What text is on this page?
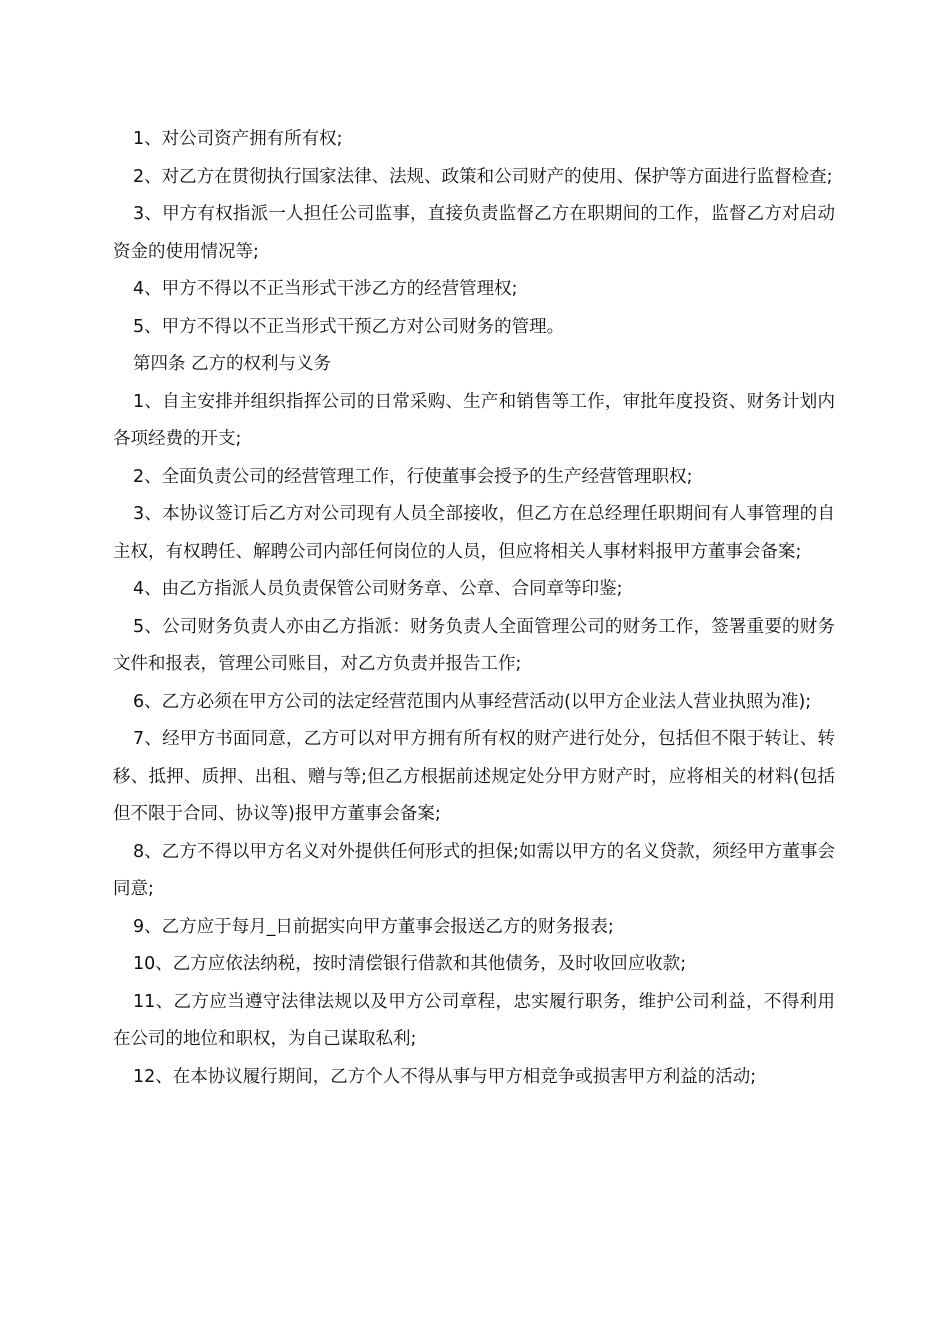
1、对公司资产拥有所有权;

2、对乙方在贯彻执行国家法律、法规、政策和公司财产的使用、保护等方面进行监督检查;

3、甲方有权指派一人担任公司监事，直接负责监督乙方在职期间的工作，监督乙方对启动资金的使用情况等;

4、甲方不得以不正当形式干涉乙方的经营管理权;

5、甲方不得以不正当形式干预乙方对公司财务的管理。

第四条 乙方的权利与义务

1、自主安排并组织指挥公司的日常采购、生产和销售等工作，审批年度投资、财务计划内各项经费的开支;

2、全面负责公司的经营管理工作，行使董事会授予的生产经营管理职权;

3、本协议签订后乙方对公司现有人员全部接收，但乙方在总经理任职期间有人事管理的自主权，有权聘任、解聘公司内部任何岗位的人员，但应将相关人事材料报甲方董事会备案;

4、由乙方指派人员负责保管公司财务章、公章、合同章等印鉴;

5、公司财务负责人亦由乙方指派：财务负责人全面管理公司的财务工作，签署重要的财务文件和报表，管理公司账目，对乙方负责并报告工作;

6、乙方必须在甲方公司的法定经营范围内从事经营活动(以甲方企业法人营业执照为准);

7、经甲方书面同意，乙方可以对甲方拥有所有权的财产进行处分，包括但不限于转让、转移、抵押、质押、出租、赠与等;但乙方根据前述规定处分甲方财产时，应将相关的材料(包括但不限于合同、协议等)报甲方董事会备案;

8、乙方不得以甲方名义对外提供任何形式的担保;如需以甲方的名义贷款，须经甲方董事会同意;

9、乙方应于每月_日前据实向甲方董事会报送乙方的财务报表;

10、乙方应依法纳税，按时清偿银行借款和其他债务，及时收回应收款;

11、乙方应当遵守法律法规以及甲方公司章程，忠实履行职务，维护公司利益，不得利用在公司的地位和职权，为自己谋取私利;

12、在本协议履行期间，乙方个人不得从事与甲方相竞争或损害甲方利益的活动;
